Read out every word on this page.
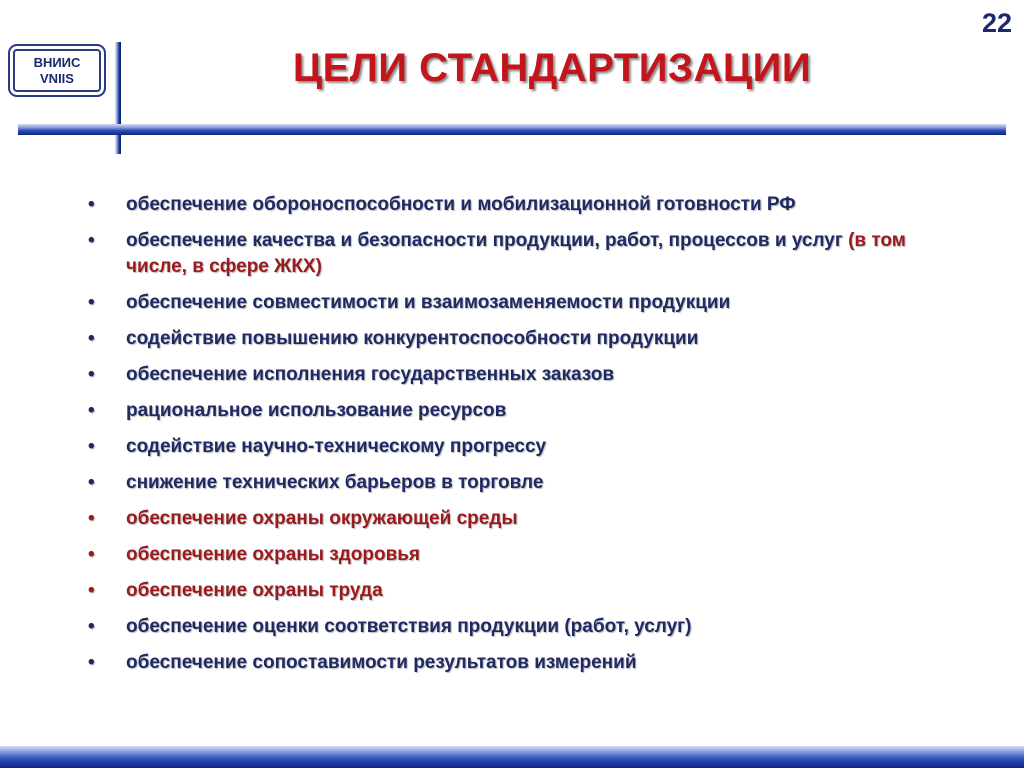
22
ВНИИС
VNIIS	ЦЕЛИ СТАНДАРТИЗАЦИИ
• обеспечение обороноспособности и мобилизационной готовности РФ
• обеспечение качества и безопасности продукции, работ, процессов и услуг (в том числе, в сфере ЖКХ)
• обеспечение совместимости и взаимозаменяемости продукции
• содействие повышению конкурентоспособности продукции
• обеспечение исполнения государственных заказов
• рациональное использование ресурсов
• содействие научно-техническому прогрессу
• снижение технических барьеров в торговле
• обеспечение охраны окружающей среды
• обеспечение охраны здоровья
• обеспечение охраны труда
• обеспечение оценки соответствия продукции (работ, услуг)
• обеспечение сопоставимости результатов измерений
